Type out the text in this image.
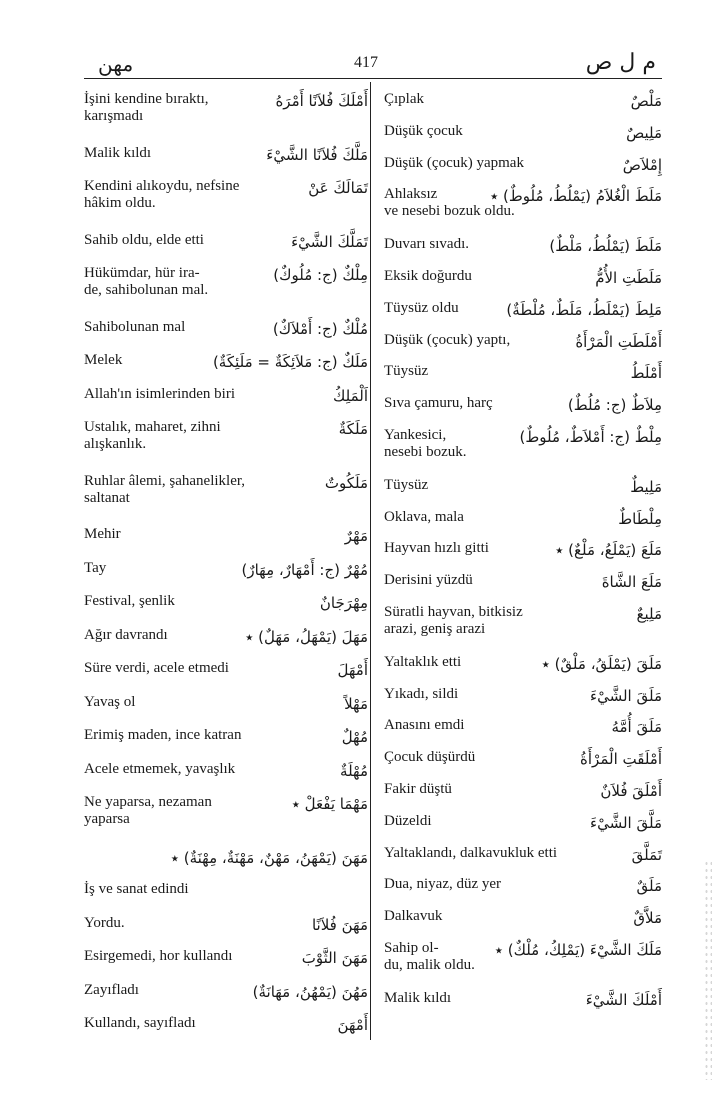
مهن	417	م ل ص
İşini kendine bıraktı,	أَمْلَكَ فُلاَنًا أَمْرَهُ
karışmadı
Malik kıldı	مَلَّكَ فُلاَنًا الشَّيْءَ
Kendini alıkoydu, nefsine	تَمَالَكَ عَنْ
hâkim oldu.
Sahib oldu, elde etti	تَمَلَّكَ الشَّيْءَ
Hükümdar, hür ira-	مِلْكٌ (ج: مُلُوكٌ)
de, sahibolunan mal.
Sahibolunan mal	مُلْكٌ (ج: أَمْلاَكٌ)
Melek	مَلَكٌ (ج: مَلاَئِكَةٌ = مَلَئِكَةٌ)
Allah'ın isimlerinden biri	اَلْمَلِكُ
Ustalık, maharet, zihni	مَلَكَةٌ
alışkanlık.
Ruhlar âlemi, şahanelikler,	مَلَكُوتٌ
saltanat
Mehir	مَهْرٌ
Tay	مُهْرٌ (ج: أَمْهَارٌ، مِهَارٌ)
Festival, şenlik	مِهْرَجَانٌ
Ağır davrandı	مَهَلَ (يَمْهَلُ، مَهَلٌ) ٭
Süre verdi, acele etmedi	أَمْهَلَ
Yavaş ol	مَهْلاً
Erimiş maden, ince katran	مُهْلٌ
Acele etmemek, yavaşlık	مُهْلَةٌ
Ne yaparsa, nezaman	مَهْمَا يَفْعَلْ ٭
yaparsa
مَهَنَ (يَمْهَنُ، مَهْنٌ، مَهْنَةٌ، مِهْنَةٌ) ٭
İş ve sanat edindi
Yordu.	مَهَنَ فُلاَنًا
Esirgemedi, hor kullandı	مَهَنَ الثَّوْبَ
Zayıfladı	مَهُنَ (يَمْهُنُ، مَهَانَةٌ)
Kullandı, sayıfladı	أَمْهَنَ
Çıplak	مَلْصٌ
Düşük çocuk	مَلِيصٌ
Düşük (çocuk) yapmak	إِمْلاَصٌ
Ahlaksız	مَلَطَ الْغُلاَمُ (يَمْلُطُ، مُلُوطٌ) ٭
ve nesebi bozuk oldu.
Duvarı sıvadı.	مَلَطَ (يَمْلُطُ، مَلْطٌ)
Eksik doğurdu	مَلَطَتِ الأُمُّ
Tüysüz oldu	مَلِطَ (يَمْلَطُ، مَلَطٌ، مُلْطَةٌ)
Düşük (çocuk) yaptı,	أَمْلَطَتِ الْمَرْأَةُ
Tüysüz	أَمْلَطُ
Sıva çamuru, harç	مِلاَطٌ (ج: مُلُطٌ)
Yankesici,	مِلْطٌ (ج: أَمْلاَطٌ، مُلُوطٌ)
nesebi bozuk.
Tüysüz	مَلِيطٌ
Oklava, mala	مِلْطَاطٌ
Hayvan hızlı gitti	مَلَعَ (يَمْلَعُ، مَلْعٌ) ٭
Derisini yüzdü	مَلَعَ الشَّاةَ
Süratli hayvan, bitkisiz	مَلِيعٌ
arazi, geniş arazi
Yaltaklık etti	مَلَقَ (يَمْلَقُ، مَلْقٌ) ٭
Yıkadı, sildi	مَلَقَ الشَّيْءَ
Anasını emdi	مَلَقَ أُمَّهُ
Çocuk düşürdü	أَمْلَقَتِ الْمَرْأَةُ
Fakir düştü	أَمْلَقَ فُلاَنٌ
Düzeldi	مَلَّقَ الشَّيْءَ
Yaltaklandı, dalkavukluk etti	تَمَلَّقَ
Dua, niyaz, düz yer	مَلَقٌ
Dalkavuk	مَلاَّقٌ
Sahip ol-	مَلَكَ الشَّيْءَ (يَمْلِكُ، مُلْكٌ) ٭
du, malik oldu.
Malik kıldı	أَمْلَكَ الشَّيْءَ
